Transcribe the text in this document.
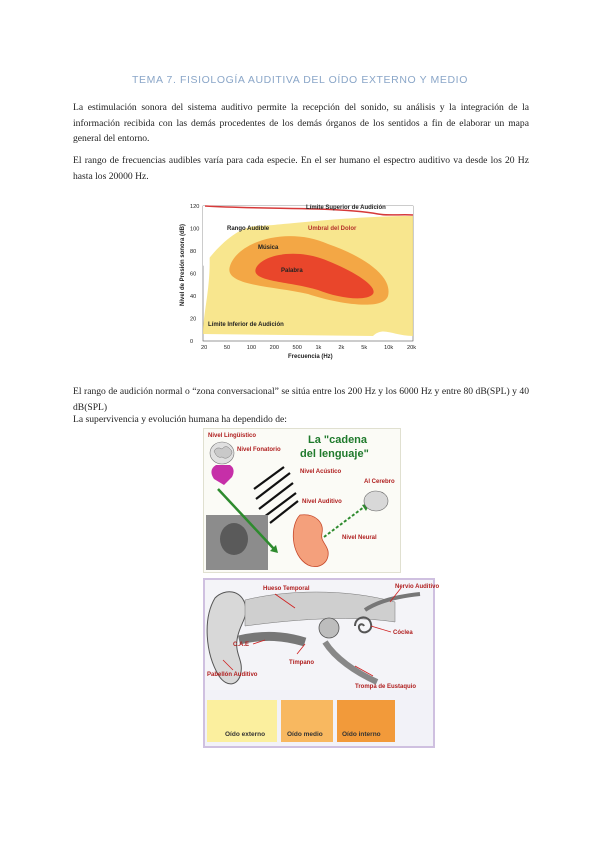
TEMA 7. FISIOLOGÍA AUDITIVA DEL OÍDO EXTERNO Y MEDIO

La estimulación sonora del sistema auditivo permite la recepción del sonido, su análisis y la integración de la información recibida con las demás procedentes de los demás órganos de los sentidos a fin de elaborar un mapa general del entorno.

El rango de frecuencias audibles varía para cada especie. En el ser humano el espectro auditivo va desde los 20 Hz hasta los 20000 Hz.

Límite Superior de Audición
Umbral del Dolor
Rango Audible
Música
Palabra
Límite Inferior de Audición
Nivel de Presión sonora (dB)
Frecuencia (Hz)
120
100
80
60
40
20
0
20	50	100 200 500 1k	2k	5k	10k 20k

El rango de audición normal o “zona conversacional” se sitúa entre los 200 Hz y los 6000 Hz y entre 80 dB(SPL) y 40 dB(SPL)

La supervivencia y evolución humana ha dependido de:

Nivel Lingüístico
Nivel Fonatorio
La "cadena del lenguaje"
Nivel Acústico
Nivel Auditivo
Al Cerebro
Nivel Neural
Hueso Temporal	Nervio Auditivo
Cóclea
C.A.E
Pabellón Auditivo
Tímpano
Trompa de Eustaquio
Oído externo	Oído medio	Oído interno
